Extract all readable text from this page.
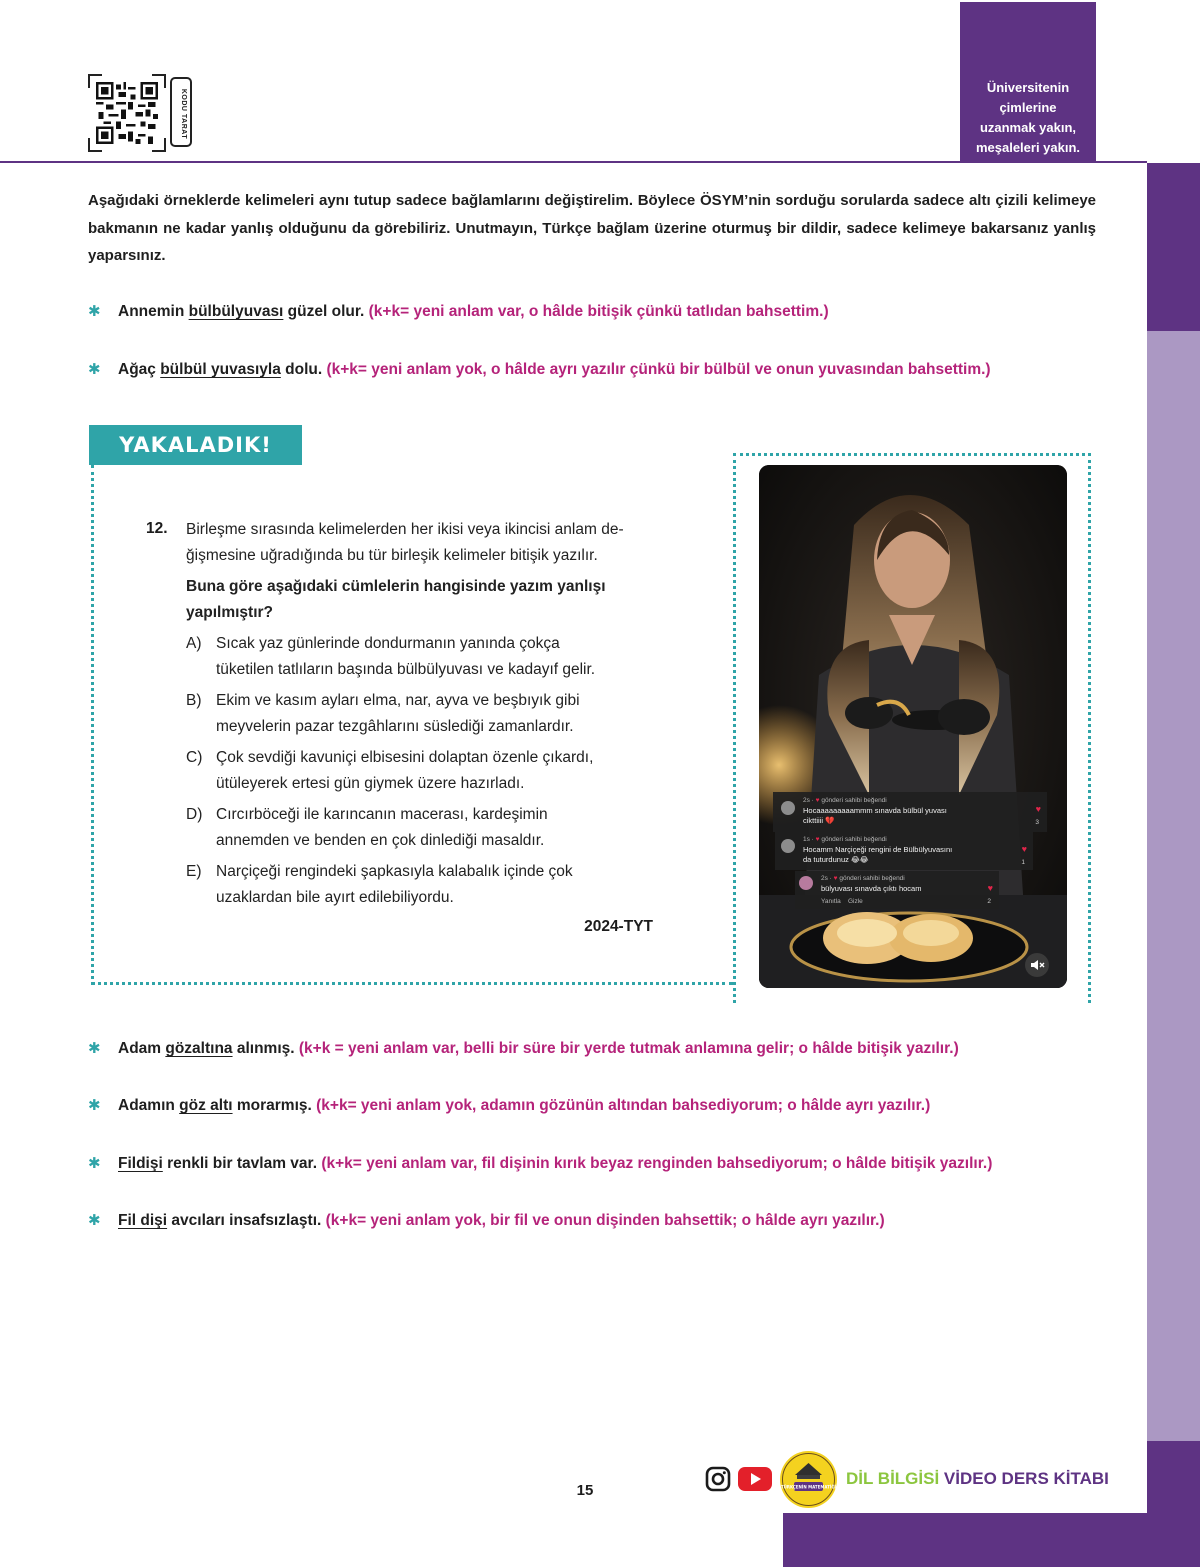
Üniversitenin
çimlerine
uzanmak yakın,
meşaleleri yakın.
KODU TARAT
Aşağıdaki örneklerde kelimeleri aynı tutup sadece bağlamlarını değiştirelim. Böylece ÖSYM’nin sorduğu sorularda sadece altı çizili kelimeye bakmanın ne kadar yanlış olduğunu da görebiliriz. Unutmayın, Türkçe bağlam üzerine oturmuş bir dildir, sadece kelimeye bakarsanız yanlış yaparsınız.
✱ Annemin bülbülyuvası güzel olur. (k+k= yeni anlam var, o hâlde bitişik çünkü tatlıdan bahsettim.)
✱ Ağaç bülbül yuvasıyla dolu. (k+k= yeni anlam yok, o hâlde ayrı yazılır çünkü bir bülbül ve onun yuvasından bahsettim.)
YAKALADIK!
12. Birleşme sırasında kelimelerden her ikisi veya ikincisi anlam de-
ğişmesine uğradığında bu tür birleşik kelimeler bitişik yazılır.
Buna göre aşağıdaki cümlelerin hangisinde yazım yanlışı
yapılmıştır?
A) Sıcak yaz günlerinde dondurmanın yanında çokça
tüketilen tatlıların başında bülbülyuvası ve kadayıf gelir.
B) Ekim ve kasım ayları elma, nar, ayva ve beşbıyık gibi
meyvelerin pazar tezgâhlarını süslediği zamanlardır.
C) Çok sevdiği kavuniçi elbisesini dolaptan özenle çıkardı,
ütüleyerek ertesi gün giymek üzere hazırladı.
D) Cırcırböceği ile karıncanın macerası, kardeşimin
annemden ve benden en çok dinlediği masaldır.
E) Narçiçeği rengindeki şapkasıyla kalabalık içinde çok
uzaklardan bile ayırt edilebiliyordu.
2024-TYT
2s · ♥ gönderi sahibi beğendi
Hocaaaaaaaaammm sınavda bülbül yuvası
cikttiiii 💔
♥
3
1s · ♥ gönderi sahibi beğendi
Hocamm Narçiçeği rengini de Bülbülyuvasını
da tuturdunuz 😂😂
♥
1
2s · ♥ gönderi sahibi beğendi
bülyuvası sınavda çıktı hocam
Yanıtla    Gizle
♥
2
✱ Adam gözaltına alınmış. (k+k = yeni anlam var, belli bir süre bir yerde tutmak anlamına gelir; o hâlde bitişik yazılır.)
✱ Adamın göz altı morarmış. (k+k= yeni anlam yok, adamın gözünün altından bahsediyorum; o hâlde ayrı yazılır.)
✱ Fildişi renkli bir tavlam var. (k+k= yeni anlam var, fil dişinin kırık beyaz renginden bahsediyorum; o hâlde bitişik yazılır.)
✱ Fil dişi avcıları insafsızlaştı. (k+k= yeni anlam yok, bir fil ve onun dişinden bahsettik; o hâlde ayrı yazılır.)
15	TÜRKÇENİN MATEMATİĞİ DİL BİLGİSİ VİDEO DERS KİTABI
